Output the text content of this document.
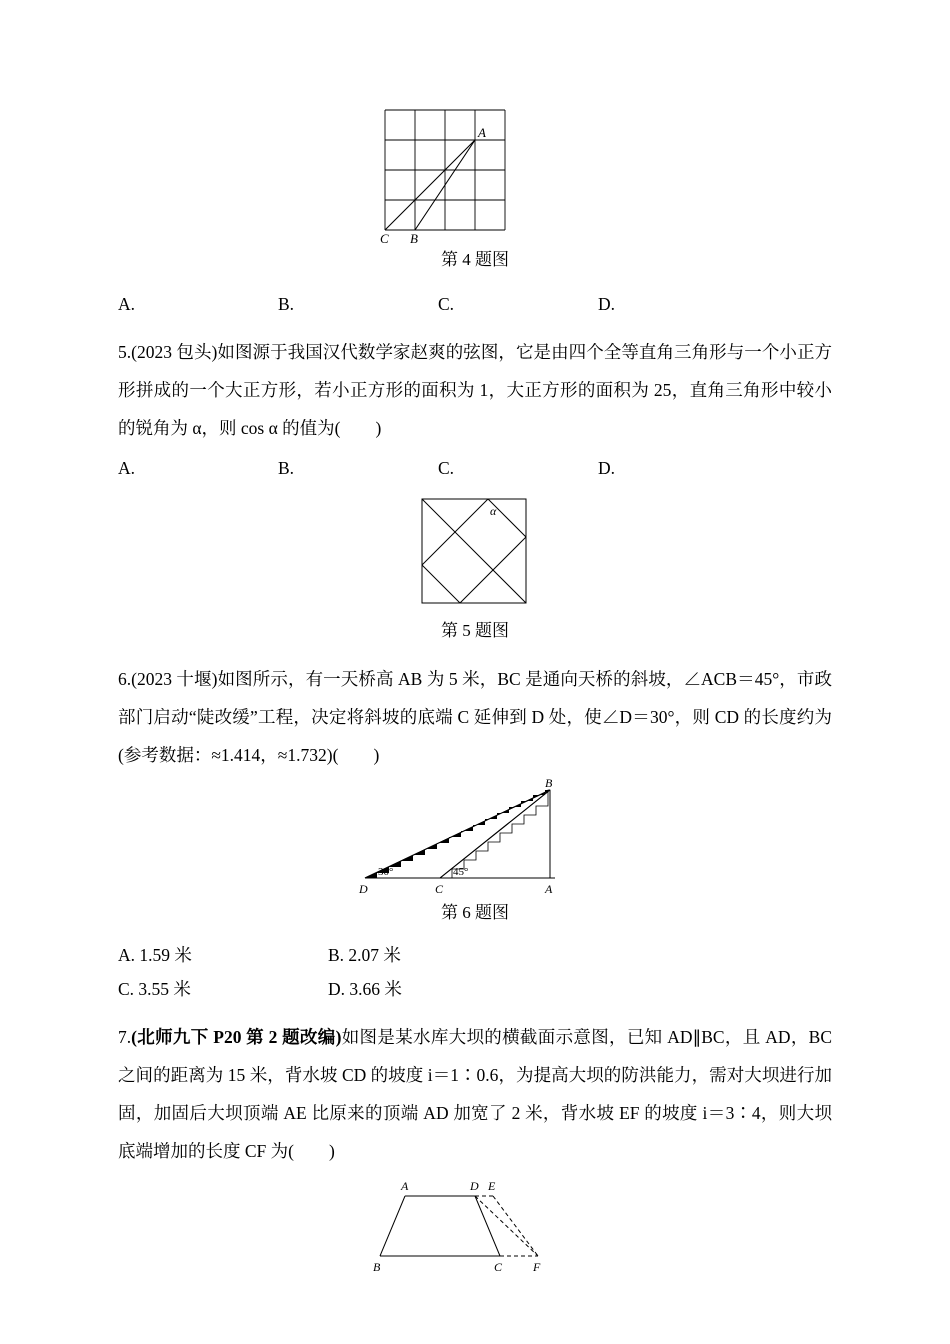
A
C B
第 4 题图
A.	B.	C.	D.

5.(2023 包头)如图源于我国汉代数学家赵爽的弦图，它是由四个全等直角三角形与一个小正方形拼成的一个大正方形，若小正方形的面积为 1，大正方形的面积为 25，直角三角形中较小的锐角为 α，则 cos α 的值为(　　)

A.	B.	C.	D.
α
第 5 题图

6.(2023 十堰)如图所示，有一天桥高 AB 为 5 米，BC 是通向天桥的斜坡，∠ACB＝45°，市政部门启动“陡改缓”工程，决定将斜坡的底端 C 延伸到 D 处，使∠D＝30°，则 CD 的长度约为(参考数据：≈1.414，≈1.732)(　　)

B
D	C	A
30°	45°
第 6 题图
A. 1.59 米	B. 2.07 米
C. 3.55 米	D. 3.66 米

7.(北师九下 P20 第 2 题改编)如图是某水库大坝的横截面示意图，已知 AD∥BC，且 AD，BC 之间的距离为 15 米，背水坡 CD 的坡度 i＝1∶0.6，为提高大坝的防洪能力，需对大坝进行加固，加固后大坝顶端 AE 比原来的顶端 AD 加宽了 2 米，背水坡 EF 的坡度 i＝3∶4，则大坝底端增加的长度 CF 为(　　)

A	D E
B	C	F
